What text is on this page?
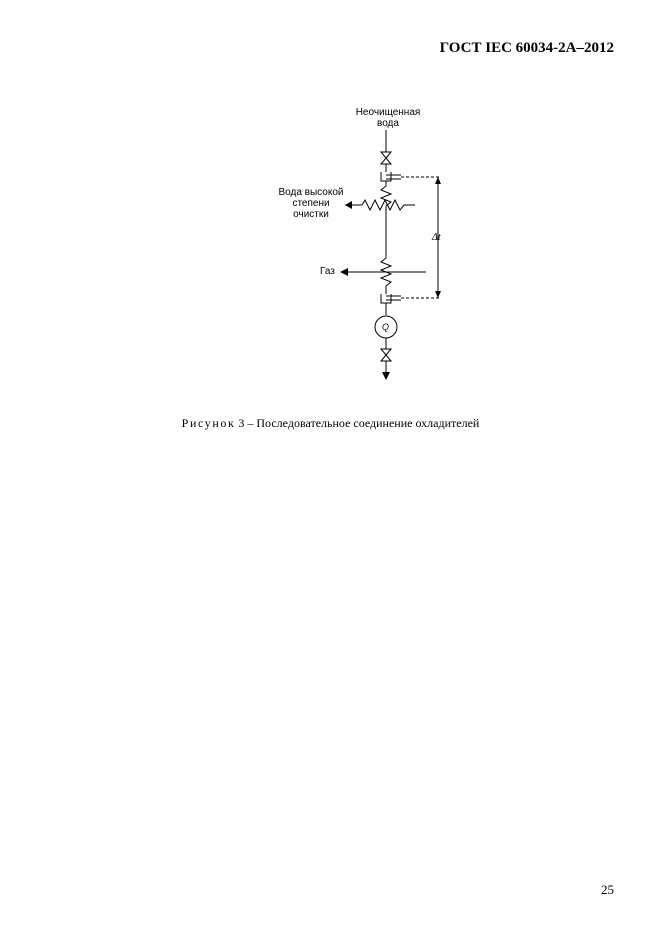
ГОСТ IEC 60034-2A–2012
Неочищенная
вода
Вода высокой
степени
очистки
Газ
Δt
Q
Рисунок 3 – Последовательное соединение охладителей
25
